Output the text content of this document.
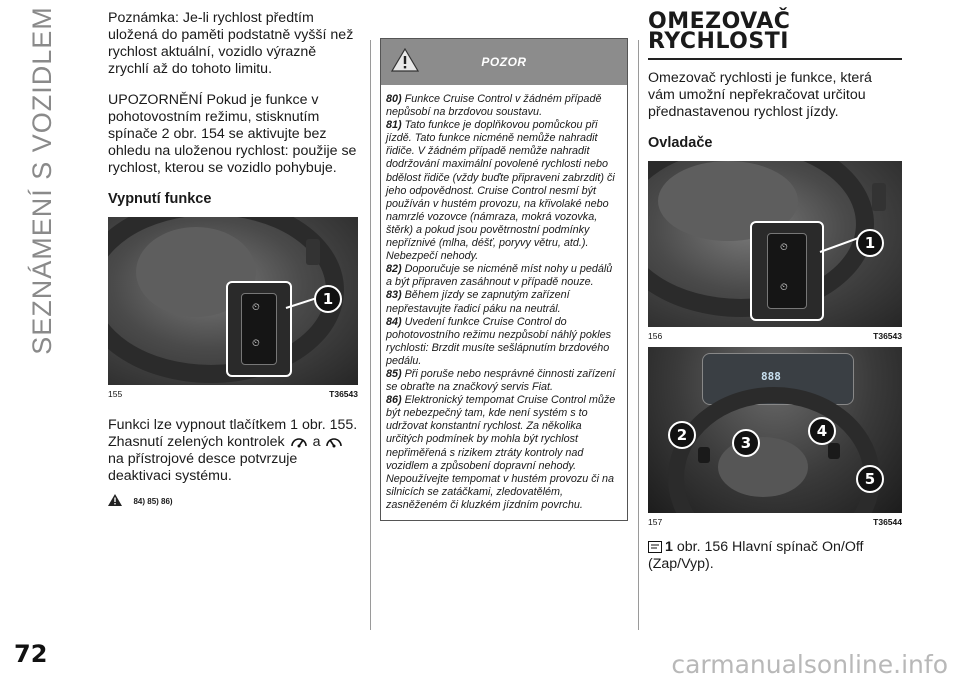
SEZNÁMENÍ S VOZIDLEM	Poznámka: Je-li rychlost předtím uložená do paměti podstatně vyšší než rychlost aktuální, vozidlo výrazně zrychlí až do tohoto limitu.

UPOZORNĚNÍ Pokud je funkce v pohotovostním režimu, stisknutím spínače 2 obr. 154 se aktivujte bez ohledu na uloženou rychlost: použije se rychlost, kterou se vozidlo pohybuje.

Vypnutí funkce
⏲
⏲
1
155	T36543

Funkci lze vypnout tlačítkem 1 obr. 155. Zhasnutí zelených kontrolek a  na přístrojové desce potvrzuje deaktivaci systému.

84) 85) 86)
POZOR

80) Funkce Cruise Control v žádném případě nepůsobí na brzdovou soustavu.

81) Tato funkce je doplňkovou pomůckou při jízdě. Tato funkce nicméně nemůže nahradit řidiče. V žádném případě nemůže nahradit dodržování maximální povolené rychlosti nebo bdělost řidiče (vždy buďte připraveni zabrzdit) či jeho odpovědnost. Cruise Control nesmí být používán v hustém provozu, na křivolaké nebo namrzlé vozovce (námraza, mokrá vozovka, štěrk) a pokud jsou povětrnostní podmínky nepříznivé (mlha, déšť, poryvy větru, atd.). Nebezpečí nehody.

82) Doporučuje se nicméně míst nohy u pedálů a být připraven zasáhnout v případě nouze.

83) Během jízdy se zapnutým zařízení nepřestavujte řadicí páku na neutrál.

84) Uvedení funkce Cruise Control do pohotovostního režimu nezpůsobí náhlý pokles rychlosti: Brzdit musíte sešlápnutím brzdového pedálu.

85) Při poruše nebo nesprávné činnosti zařízení se obraťte na značkový servis Fiat.

86) Elektronický tempomat Cruise Control může být nebezpečný tam, kde není systém s to udržovat konstantní rychlost. Za několika určitých podmínek by mohla být rychlost nepřiměřená s rizikem ztráty kontroly nad vozidlem a způsobení dopravní nehody. Nepoužívejte tempomat v hustém provozu či na silnicích se zatáčkami, zledovatělém, zasněženém či kluzkém jízdním povrchu.

OMEZOVAČ
RYCHLOSTI

Omezovač rychlosti je funkce, která vám umožní nepřekračovat určitou přednastavenou rychlost jízdy.

Ovladače
⏲
⏲
1
156	T36543
888
2	3
4
5
157	T36544

1 obr. 156 Hlavní spínač On/Off (Zap/Vyp).

72	carmanualsonline.info
